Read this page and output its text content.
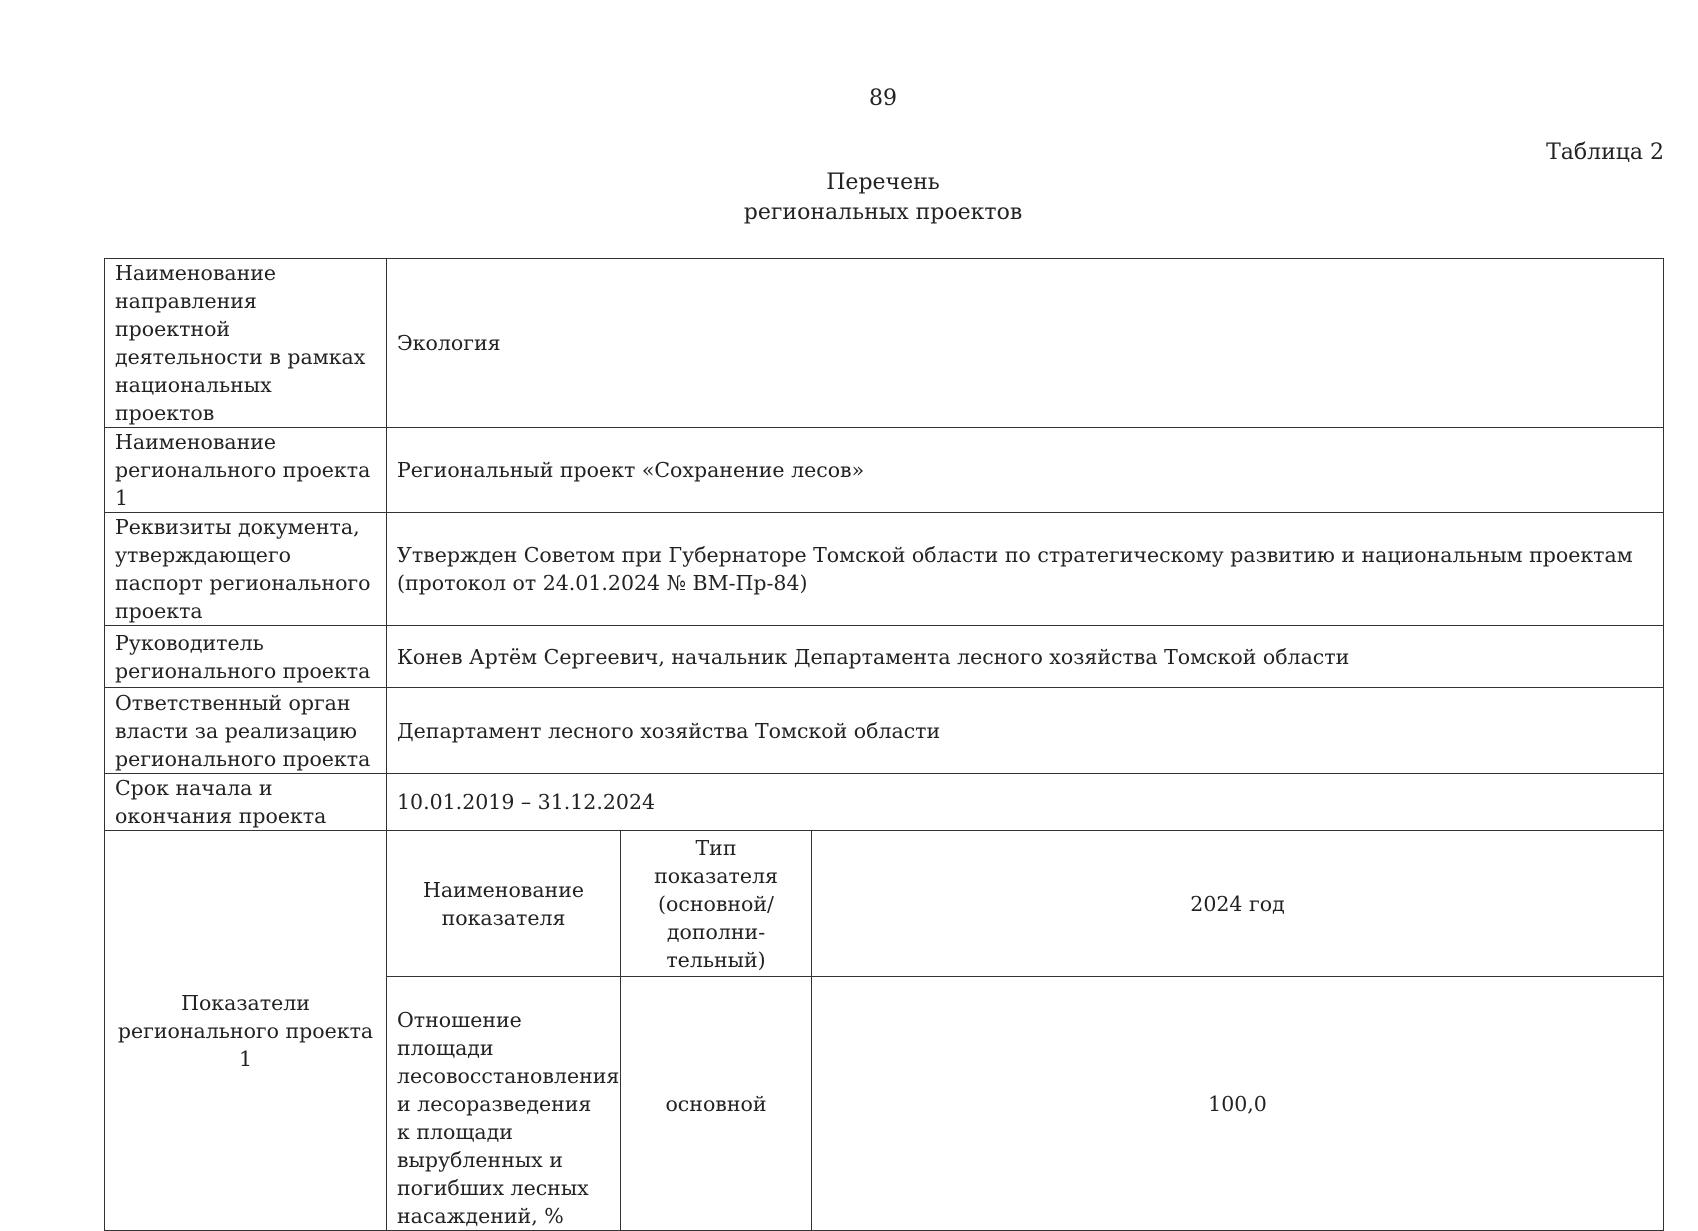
89
Таблица 2
Перечень
региональных проектов
Наименование направления проектной деятельности в рамках национальных проектов	Экология		
Наименование регионального проекта 1	Региональный проект «Сохранение лесов»		
Реквизиты документа, утверждающего паспорт регионального проекта	Утвержден Советом при Губернаторе Томской области по стратегическому развитию и национальным проектам (протокол от 24.01.2024 № ВМ-Пр-84)		
Руководитель регионального проекта	Конев Артём Сергеевич, начальник Департамента лесного хозяйства Томской области		
Ответственный орган власти за реализацию регионального проекта	Департамент лесного хозяйства Томской области		
Срок начала и окончания проекта	10.01.2019 – 31.12.2024		
Показатели регионального проекта 1	Наименование показателя	Тип показателя (основной/ дополни-тельный)	2024 год
	Отношение площади лесовосстановления и лесоразведения к площади вырубленных и погибших лесных насаждений, %	основной	100,0
